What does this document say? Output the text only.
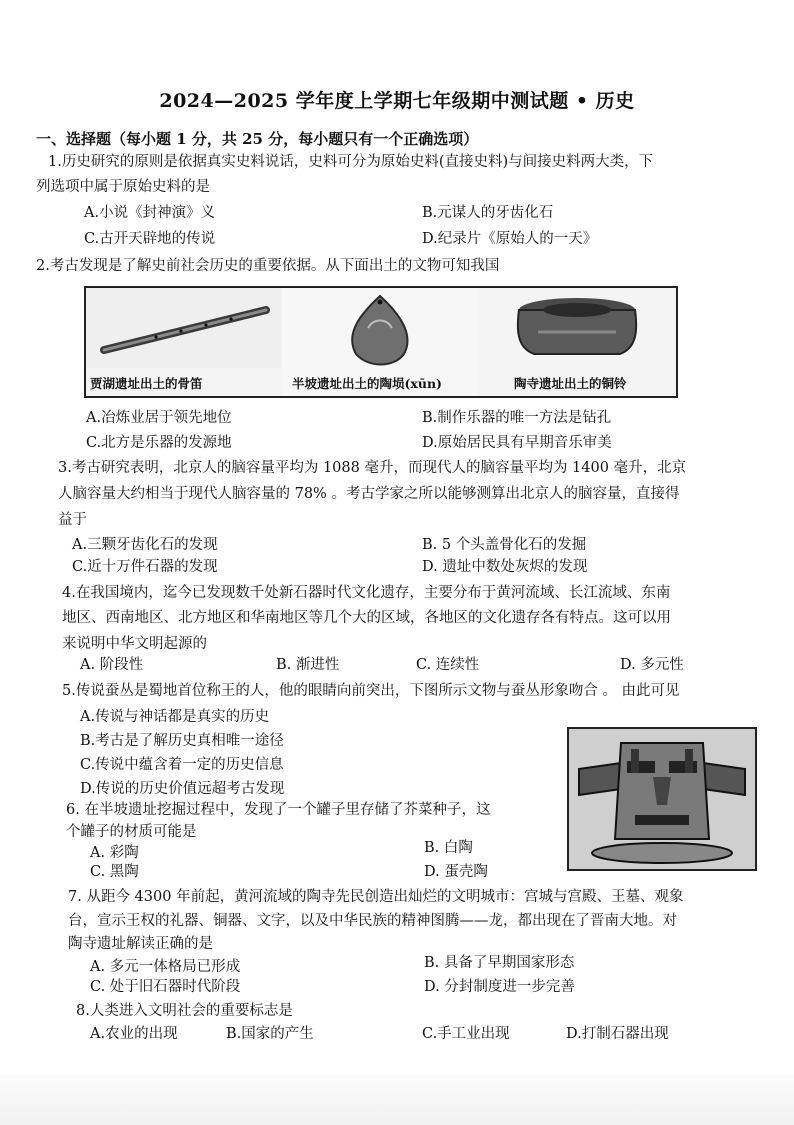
2024—2025 学年度上学期七年级期中测试题 • 历史
一、选择题（每小题 1 分，共 25 分，每小题只有一个正确选项）
1.历史研究的原则是依据真实史料说话，史料可分为原始史料(直接史料)与间接史料两大类，下
列选项中属于原始史料的是
A.小说《封神演》义	B.元谋人的牙齿化石
C.古开天辟地的传说	D.纪录片《原始人的一天》
2.考古发现是了解史前社会历史的重要依据。从下面出土的文物可知我国
贾湖遗址出土的骨笛	半坡遗址出土的陶埙(xūn)	陶寺遗址出土的铜铃
A.冶炼业居于领先地位	B.制作乐器的唯一方法是钻孔
C.北方是乐器的发源地	D.原始居民具有早期音乐审美
3.考古研究表明，北京人的脑容量平均为 1088 毫升，而现代人的脑容量平均为 1400 毫升，北京
人脑容量大约相当于现代人脑容量的 78% 。考古学家之所以能够测算出北京人的脑容量，直接得
益于
A.三颗牙齿化石的发现	B. 5 个头盖骨化石的发掘
C.近十万件石器的发现	D. 遗址中数处灰烬的发现
4.在我国境内，迄今已发现数千处新石器时代文化遗存，主要分布于黄河流域、长江流域、东南
地区、西南地区、北方地区和华南地区等几个大的区域，各地区的文化遗存各有特点。这可以用
来说明中华文明起源的
A. 阶段性	B. 渐进性	C. 连续性	D. 多元性
5.传说蚕丛是蜀地首位称王的人，他的眼睛向前突出，下图所示文物与蚕丛形象吻合 。 由此可见
A.传说与神话都是真实的历史
B.考古是了解历史真相唯一途径
C.传说中蕴含着一定的历史信息
D.传说的历史价值远超考古发现
6. 在半坡遗址挖掘过程中，发现了一个罐子里存储了芥菜种子，这
个罐子的材质可能是
A. 彩陶	B. 白陶
C. 黑陶	D. 蛋壳陶
7. 从距今 4300 年前起，黄河流域的陶寺先民创造出灿烂的文明城市：宫城与宫殿、王墓、观象
台，宣示王权的礼器、铜器、文字，以及中华民族的精神图腾——龙，都出现在了晋南大地。对
陶寺遗址解读正确的是
A. 多元一体格局已形成	B. 具备了早期国家形态
C. 处于旧石器时代阶段	D. 分封制度进一步完善
8.人类进入文明社会的重要标志是
A.农业的出现	B.国家的产生	C.手工业出现	D.打制石器出现
